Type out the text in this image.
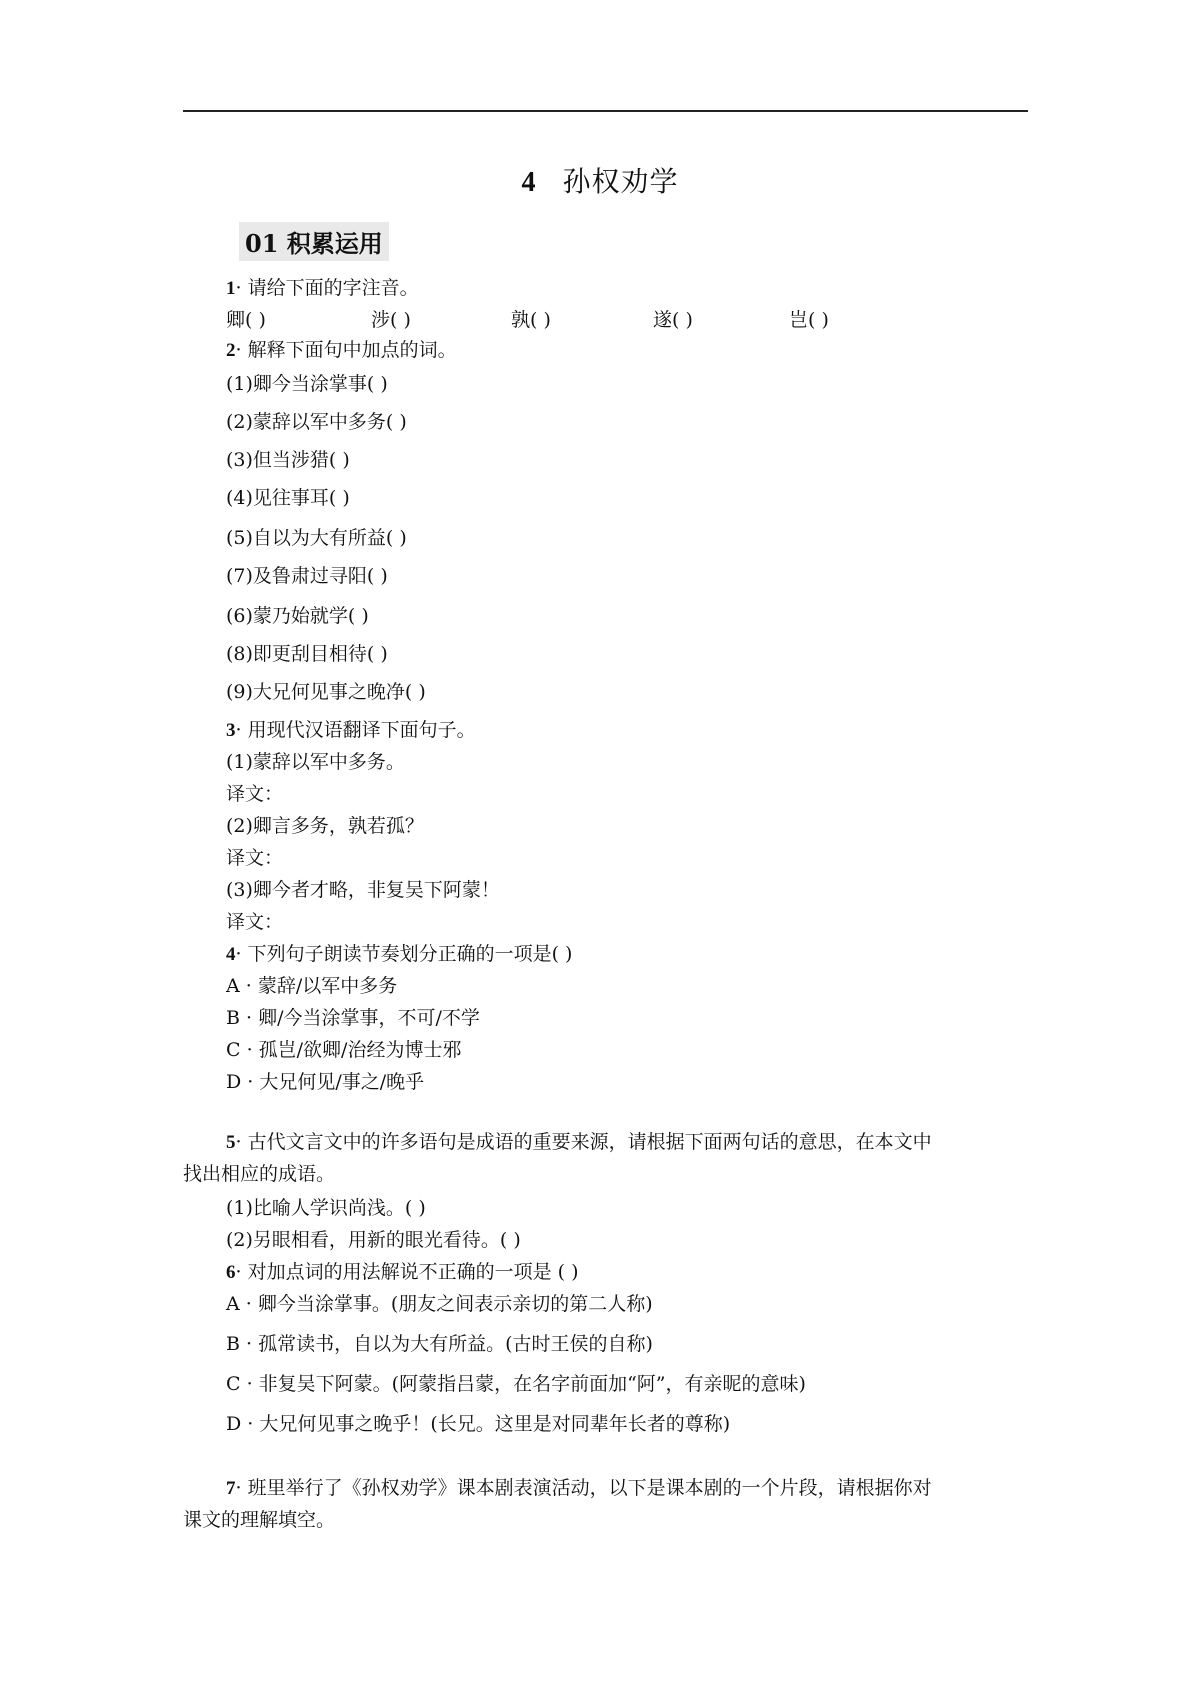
4 孙权劝学
01 积累运用
1· 请给下面的字注音。
卿( )	涉( )	孰( )	遂( )	岂( )
2· 解释下面句中加点的词。
(1)卿今当涂掌事( )
(2)蒙辞以军中多务( )
(3)但当涉猎( )
(4)见往事耳( )
(5)自以为大有所益( )
(7)及鲁肃过寻阳( )
(6)蒙乃始就学( )
(8)即更刮目相待( )
(9)大兄何见事之晚净( )
3· 用现代汉语翻译下面句子。
(1)蒙辞以军中多务。
译文：
(2)卿言多务，孰若孤？
译文：
(3)卿今者才略，非复吴下阿蒙！
译文：
4· 下列句子朗读节奏划分正确的一项是( )
A · 蒙辞/以军中多务
B · 卿/今当涂掌事，不可/不学
C · 孤岂/欲卿/治经为博士邪
D · 大兄何见/事之/晚乎
5· 古代文言文中的许多语句是成语的重要来源，请根据下面两句话的意思，在本文中
找出相应的成语。
(1)比喻人学识尚浅。( )
(2)另眼相看，用新的眼光看待。( )
6· 对加点词的用法解说不正确的一项是 ( )
A · 卿今当涂掌事。(朋友之间表示亲切的第二人称)
B · 孤常读书，自以为大有所益。(古时王侯的自称)
C · 非复吴下阿蒙。(阿蒙指吕蒙，在名字前面加“阿”，有亲昵的意味)
D · 大兄何见事之晚乎！(长兄。这里是对同辈年长者的尊称)
7· 班里举行了《孙权劝学》课本剧表演活动，以下是课本剧的一个片段，请根据你对
课文的理解填空。
